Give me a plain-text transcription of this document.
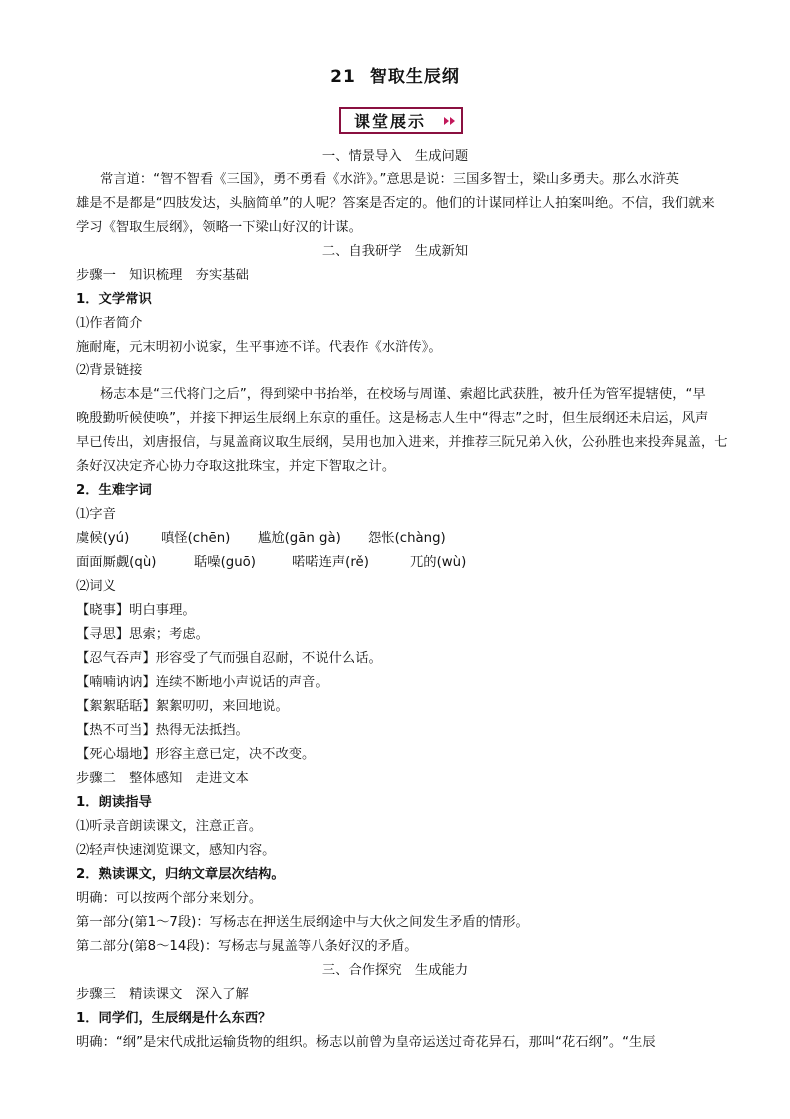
21 智取生辰纲
课堂展示
一、情景导入　生成问题
常言道：“智不智看《三国》，勇不勇看《水浒》。”意思是说：三国多智士，梁山多勇夫。那么水浒英
雄是不是都是“四肢发达，头脑简单”的人呢？答案是否定的。他们的计谋同样让人拍案叫绝。不信，我们就来
学习《智取生辰纲》，领略一下梁山好汉的计谋。
二、自我研学　生成新知
步骤一　知识梳理　夯实基础
1．文学常识
⑴作者简介
施耐庵，元末明初小说家，生平事迹不详。代表作《水浒传》。
⑵背景链接
杨志本是“三代将门之后”，得到梁中书抬举，在校场与周谨、索超比武获胜，被升任为管军提辖使，“早
晚殷勤听候使唤”，并接下押运生辰纲上东京的重任。这是杨志人生中“得志”之时，但生辰纲还未启运，风声
早已传出，刘唐报信，与晁盖商议取生辰纲，吴用也加入进来，并推荐三阮兄弟入伙，公孙胜也来投奔晁盖，七
条好汉决定齐心协力夺取这批珠宝，并定下智取之计。
2．生难字词
⑴字音
虞候(yú) 嗔怪(chēn) 尴尬(gān gà) 怨怅(chàng)
面面厮觑(qù)	聒噪(guō)	喏喏连声(rě)	兀的(wù)
⑵词义
【晓事】明白事理。
【寻思】思索；考虑。
【忍气吞声】形容受了气而强自忍耐，不说什么话。
【喃喃讷讷】连续不断地小声说话的声音。
【絮絮聒聒】絮絮叨叨，来回地说。
【热不可当】热得无法抵挡。
【死心塌地】形容主意已定，决不改变。
步骤二　整体感知　走进文本
1．朗读指导
⑴听录音朗读课文，注意正音。
⑵轻声快速浏览课文，感知内容。
2．熟读课文，归纳文章层次结构。
明确：可以按两个部分来划分。
第一部分(第1～7段)：写杨志在押送生辰纲途中与大伙之间发生矛盾的情形。
第二部分(第8～14段)：写杨志与晁盖等八条好汉的矛盾。
三、合作探究　生成能力
步骤三　精读课文　深入了解
1．同学们，生辰纲是什么东西？
明确：“纲”是宋代成批运输货物的组织。杨志以前曾为皇帝运送过奇花异石，那叫“花石纲”。“生辰
